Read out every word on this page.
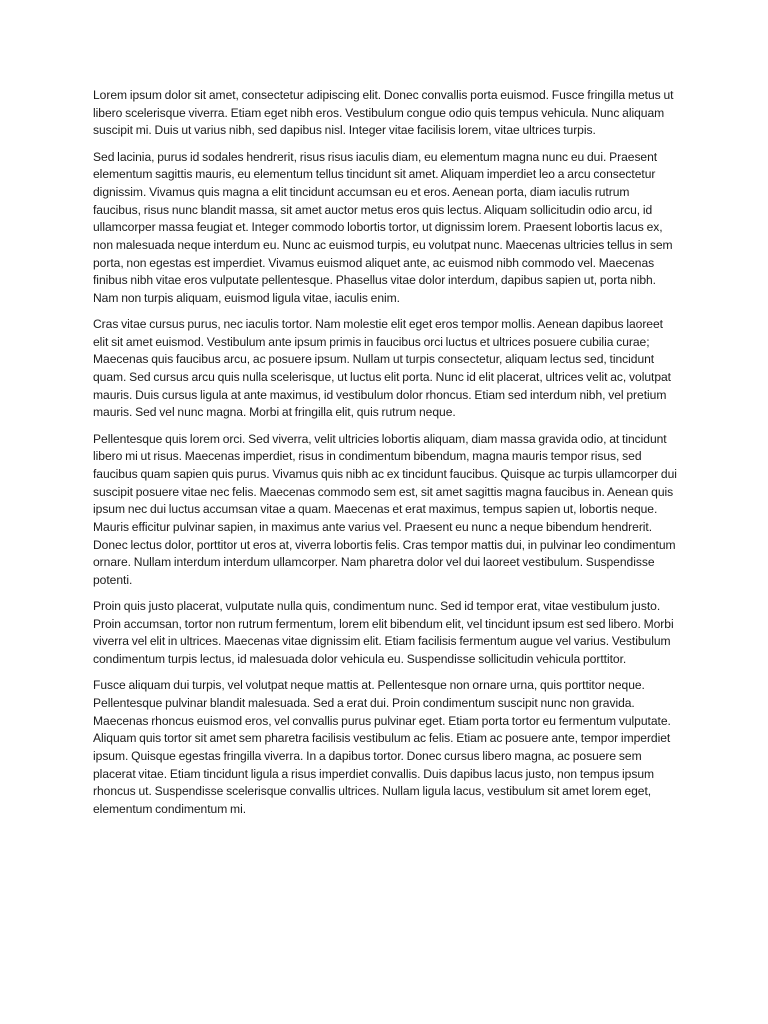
Lorem ipsum dolor sit amet, consectetur adipiscing elit. Donec convallis porta euismod. Fusce fringilla metus ut libero scelerisque viverra. Etiam eget nibh eros. Vestibulum congue odio quis tempus vehicula. Nunc aliquam suscipit mi. Duis ut varius nibh, sed dapibus nisl. Integer vitae facilisis lorem, vitae ultrices turpis.

Sed lacinia, purus id sodales hendrerit, risus risus iaculis diam, eu elementum magna nunc eu dui. Praesent elementum sagittis mauris, eu elementum tellus tincidunt sit amet. Aliquam imperdiet leo a arcu consectetur dignissim. Vivamus quis magna a elit tincidunt accumsan eu et eros. Aenean porta, diam iaculis rutrum faucibus, risus nunc blandit massa, sit amet auctor metus eros quis lectus. Aliquam sollicitudin odio arcu, id ullamcorper massa feugiat et. Integer commodo lobortis tortor, ut dignissim lorem. Praesent lobortis lacus ex, non malesuada neque interdum eu. Nunc ac euismod turpis, eu volutpat nunc. Maecenas ultricies tellus in sem porta, non egestas est imperdiet. Vivamus euismod aliquet ante, ac euismod nibh commodo vel. Maecenas finibus nibh vitae eros vulputate pellentesque. Phasellus vitae dolor interdum, dapibus sapien ut, porta nibh. Nam non turpis aliquam, euismod ligula vitae, iaculis enim.

Cras vitae cursus purus, nec iaculis tortor. Nam molestie elit eget eros tempor mollis. Aenean dapibus laoreet elit sit amet euismod. Vestibulum ante ipsum primis in faucibus orci luctus et ultrices posuere cubilia curae; Maecenas quis faucibus arcu, ac posuere ipsum. Nullam ut turpis consectetur, aliquam lectus sed, tincidunt quam. Sed cursus arcu quis nulla scelerisque, ut luctus elit porta. Nunc id elit placerat, ultrices velit ac, volutpat mauris. Duis cursus ligula at ante maximus, id vestibulum dolor rhoncus. Etiam sed interdum nibh, vel pretium mauris. Sed vel nunc magna. Morbi at fringilla elit, quis rutrum neque.

Pellentesque quis lorem orci. Sed viverra, velit ultricies lobortis aliquam, diam massa gravida odio, at tincidunt libero mi ut risus. Maecenas imperdiet, risus in condimentum bibendum, magna mauris tempor risus, sed faucibus quam sapien quis purus. Vivamus quis nibh ac ex tincidunt faucibus. Quisque ac turpis ullamcorper dui suscipit posuere vitae nec felis. Maecenas commodo sem est, sit amet sagittis magna faucibus in. Aenean quis ipsum nec dui luctus accumsan vitae a quam. Maecenas et erat maximus, tempus sapien ut, lobortis neque. Mauris efficitur pulvinar sapien, in maximus ante varius vel. Praesent eu nunc a neque bibendum hendrerit. Donec lectus dolor, porttitor ut eros at, viverra lobortis felis. Cras tempor mattis dui, in pulvinar leo condimentum ornare. Nullam interdum interdum ullamcorper. Nam pharetra dolor vel dui laoreet vestibulum. Suspendisse potenti.

Proin quis justo placerat, vulputate nulla quis, condimentum nunc. Sed id tempor erat, vitae vestibulum justo. Proin accumsan, tortor non rutrum fermentum, lorem elit bibendum elit, vel tincidunt ipsum est sed libero. Morbi viverra vel elit in ultrices. Maecenas vitae dignissim elit. Etiam facilisis fermentum augue vel varius. Vestibulum condimentum turpis lectus, id malesuada dolor vehicula eu. Suspendisse sollicitudin vehicula porttitor.

Fusce aliquam dui turpis, vel volutpat neque mattis at. Pellentesque non ornare urna, quis porttitor neque. Pellentesque pulvinar blandit malesuada. Sed a erat dui. Proin condimentum suscipit nunc non gravida. Maecenas rhoncus euismod eros, vel convallis purus pulvinar eget. Etiam porta tortor eu fermentum vulputate. Aliquam quis tortor sit amet sem pharetra facilisis vestibulum ac felis. Etiam ac posuere ante, tempor imperdiet ipsum. Quisque egestas fringilla viverra. In a dapibus tortor. Donec cursus libero magna, ac posuere sem placerat vitae. Etiam tincidunt ligula a risus imperdiet convallis. Duis dapibus lacus justo, non tempus ipsum rhoncus ut. Suspendisse scelerisque convallis ultrices. Nullam ligula lacus, vestibulum sit amet lorem eget, elementum condimentum mi.
